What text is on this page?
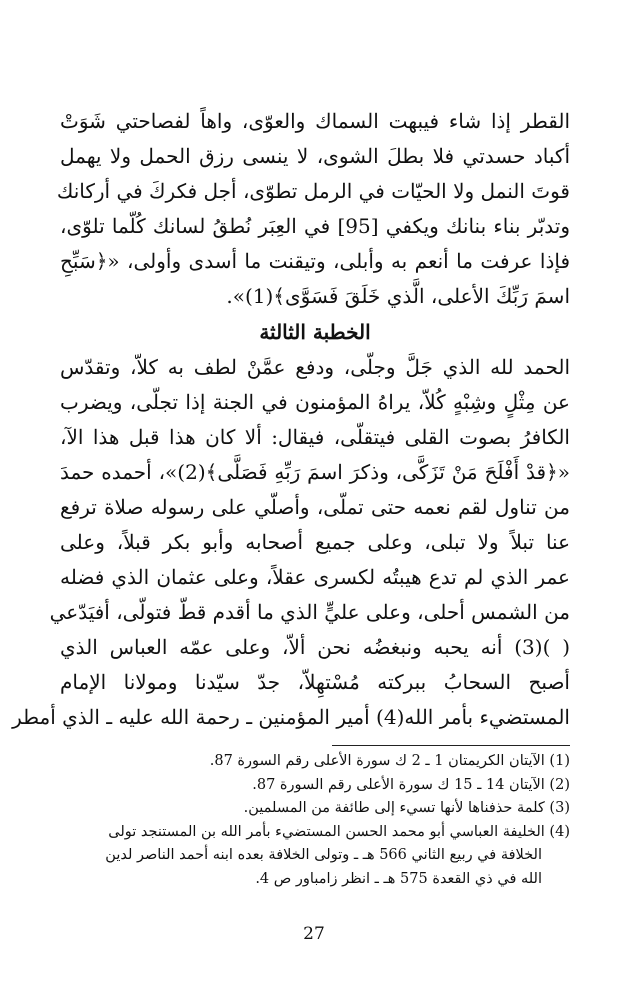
القطر إذا شاء فيبهت السماك والعوّى، واهاً لفصاحتي شَوَتْ
أكباد حسدتي فلا بطلَ الشوى، لا ينسى رزق الحمل ولا يهمل
قوتَ النمل ولا الحيّات في الرمل تطوّى، أجل فكركَ في أركانك
وتدبّر بناء بنانك ويكفي [95] في العِبَر نُطقُ لسانك كُلّما تلوّى،
فإذا عرفت ما أنعم به وأبلى، وتيقنت ما أسدى وأولى، «﴿سَبِّحِ
اسمَ رَبِّكَ الأعلى، الَّذي خَلَقَ فَسَوَّى﴾(1)».
الخطبة الثالثة
الحمد لله الذي جَلَّ وجلّى، ودفع عمَّنْ لطف به كلاّ، وتقدّس
عن مِثْلٍ وشِبْهٍ كُلاّ، يراهُ المؤمنون في الجنة إذا تجلّى، ويضرب
الكافرُ بصوت القلى فيتقلّى، فيقال: ألا كان هذا قبل هذا الآ،
«﴿قدْ أَفْلَحَ مَنْ تَزَكَّى، وذكرَ اسمَ رَبِّهِ فَصَلَّى﴾(2)»، أحمده حمدَ
من تناول لقم نعمه حتى تملّى، وأصلّي على رسوله صلاة ترفع
عنا تبلاً ولا تبلى، وعلى جميع أصحابه وأبو بكر قبلاً، وعلى
عمر الذي لم تدع هيبتُه لكسرى عقلاً، وعلى عثمان الذي فضله
من الشمس أحلى، وعلى عليٍّ الذي ما أقدم قطّ فتولّى، أفيَدّعي
( )(3) أنه يحبه ونبغضُه نحن ألاّ، وعلى عمّه العباس الذي
أصبح السحابُ ببركته مُسْتهِلاّ، جدّ سيّدنا ومولانا الإمام
المستضيء بأمر الله(4) أمير المؤمنين ـ رحمة الله عليه ـ الذي أمطر
(1) الآيتان الكريمتان 1 ـ 2 ك سورة الأعلى رقم السورة 87.
(2) الآيتان 14 ـ 15 ك سورة الأعلى رقم السورة 87.
(3) كلمة حذفناها لأنها تسيء إلى طائفة من المسلمين.
(4) الخليفة العباسي أبو محمد الحسن المستضيء بأمر الله بن المستنجد تولى
الخلافة في ربيع الثاني 566 هـ ـ وتولى الخلافة بعده ابنه أحمد الناصر لدين
الله في ذي القعدة 575 هـ ـ انظر زامباور ص 4.
27
